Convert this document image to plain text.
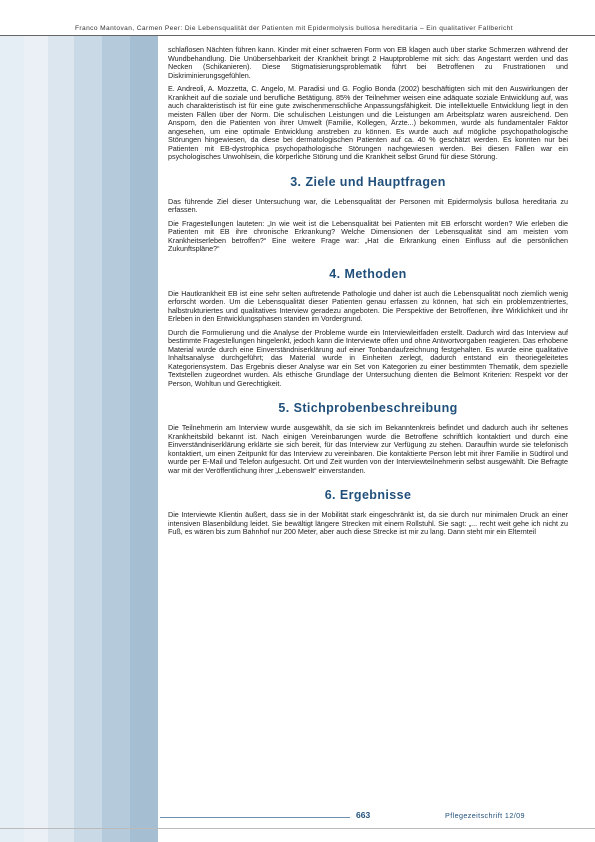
Franco Mantovan, Carmen Peer: Die Lebensqualität der Patienten mit Epidermolysis bullosa hereditaria – Ein qualitativer Fallbericht

schlaflosen Nächten führen kann. Kinder mit einer schweren Form von EB klagen auch über starke Schmerzen während der Wundbehandlung. Die Unübersehbarkeit der Krankheit bringt 2 Hauptprobleme mit sich: das Angestarrt werden und das Necken (Schikanieren). Diese Stigmatisierungsproblematik führt bei Betroffenen zu Frustrationen und Diskriminierungsgefühlen.

E. Andreoli, A. Mozzetta, C. Angelo, M. Paradisi und G. Foglio Bonda (2002) beschäftigten sich mit den Auswirkungen der Krankheit auf die soziale und berufliche Betätigung. 85% der Teilnehmer weisen eine adäquate soziale Entwicklung auf, was auch charakteristisch ist für eine gute zwischenmenschliche Anpassungsfähigkeit. Die intellektuelle Entwicklung liegt in den meisten Fällen über der Norm. Die schulischen Leistungen und die Leistungen am Arbeitsplatz waren ausreichend. Den Ansporn, den die Patienten von ihrer Umwelt (Familie, Kollegen, Ärzte...) bekommen, wurde als fundamentaler Faktor angesehen, um eine optimale Entwicklung anstreben zu können. Es wurde auch auf mögliche psychopathologische Störungen hingewiesen, da diese bei dermatologischen Patienten auf ca. 40 % geschätzt werden. Es konnten nur bei Patienten mit EB-dystrophica psychopathologische Störungen nachgewiesen werden. Bei diesen Fällen war ein psychologisches Unwohlsein, die körperliche Störung und die Krankheit selbst Grund für diese Störung.

3. Ziele und Hauptfragen

Das führende Ziel dieser Untersuchung war, die Lebensqualität der Personen mit Epidermolysis bullosa hereditaria zu erfassen.

Die Fragestellungen lauteten: „In wie weit ist die Lebensqualität bei Patienten mit EB erforscht worden? Wie erleben die Patienten mit EB ihre chronische Erkrankung? Welche Dimensionen der Lebensqualität sind am meisten vom Krankheitserleben betroffen?“ Eine weitere Frage war: „Hat die Erkrankung einen Einfluss auf die persönlichen Zukunftspläne?“

4. Methoden

Die Hautkrankheit EB ist eine sehr selten auftretende Pathologie und daher ist auch die Lebensqualität noch ziemlich wenig erforscht worden. Um die Lebensqualität dieser Patienten genau erfassen zu können, hat sich ein problemzentriertes, halbstrukturiertes und qualitatives Interview geradezu angeboten. Die Perspektive der Betroffenen, ihre Wirklichkeit und ihr Erleben in den Entwicklungsphasen standen im Vordergrund.

Durch die Formulierung und die Analyse der Probleme wurde ein Interviewleitfaden erstellt. Dadurch wird das Interview auf bestimmte Fragestellungen hingelenkt, jedoch kann die Interviewte offen und ohne Antwortvorgaben reagieren. Das erhobene Material wurde durch eine Einverständniserklärung auf einer Tonbandaufzeichnung festgehalten. Es wurde eine qualitative Inhaltsanalyse durchgeführt; das Material wurde in Einheiten zerlegt, dadurch entstand ein theoriegeleitetes Kategoriensystem. Das Ergebnis dieser Analyse war ein Set von Kategorien zu einer bestimmten Thematik, dem spezielle Textstellen zugeordnet wurden. Als ethische Grundlage der Untersuchung dienten die Belmont Kriterien: Respekt vor der Person, Wohltun und Gerechtigkeit.

5. Stichprobenbeschreibung

Die Teilnehmerin am Interview wurde ausgewählt, da sie sich im Bekanntenkreis befindet und dadurch auch ihr seltenes Krankheitsbild bekannt ist. Nach einigen Vereinbarungen wurde die Betroffene schriftlich kontaktiert und durch eine Einverständniserklärung erklärte sie sich bereit, für das Interview zur Verfügung zu stehen. Daraufhin wurde sie telefonisch kontaktiert, um einen Zeitpunkt für das Interview zu vereinbaren. Die kontaktierte Person lebt mit ihrer Familie in Südtirol und wurde per E-Mail und Telefon aufgesucht. Ort und Zeit wurden von der Interviewteilnehmerin selbst ausgewählt. Die Befragte war mit der Veröffentlichung ihrer „Lebenswelt“ einverstanden.

6. Ergebnisse

Die Interviewte Klientin äußert, dass sie in der Mobilität stark eingeschränkt ist, da sie durch nur minimalen Druck an einer intensiven Blasenbildung leidet. Sie bewältigt längere Strecken mit einem Rollstuhl. Sie sagt: „... recht weit gehe ich nicht zu Fuß, es wären bis zum Bahnhof nur 200 Meter, aber auch diese Strecke ist mir zu lang. Dann steht mir ein Elternteil

663	Pflegezeitschrift 12/09
